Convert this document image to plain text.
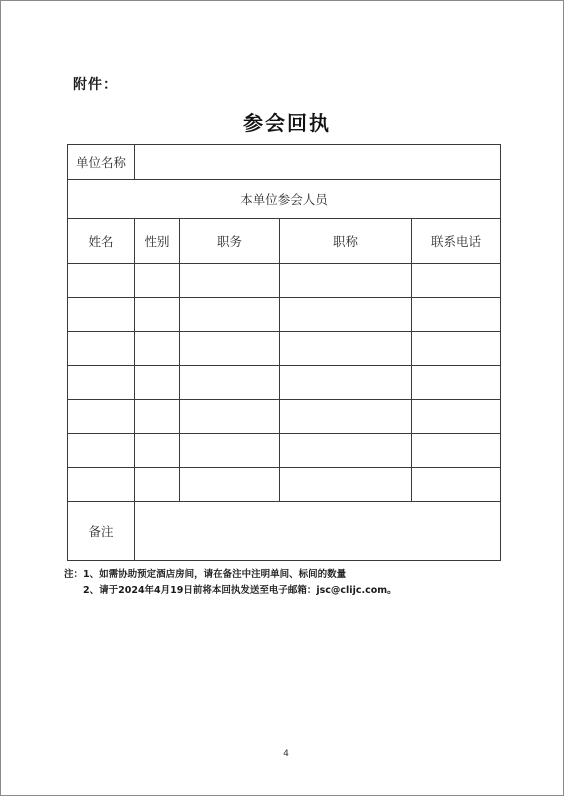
附件：
参会回执
单位名称				
本单位参会人员				
姓名	性别	职务	职称	联系电话

备注				
注：1、如需协助预定酒店房间，请在备注中注明单间、标间的数量
2、请于2024年4月19日前将本回执发送至电子邮箱：jsc@clijc.com。
4
